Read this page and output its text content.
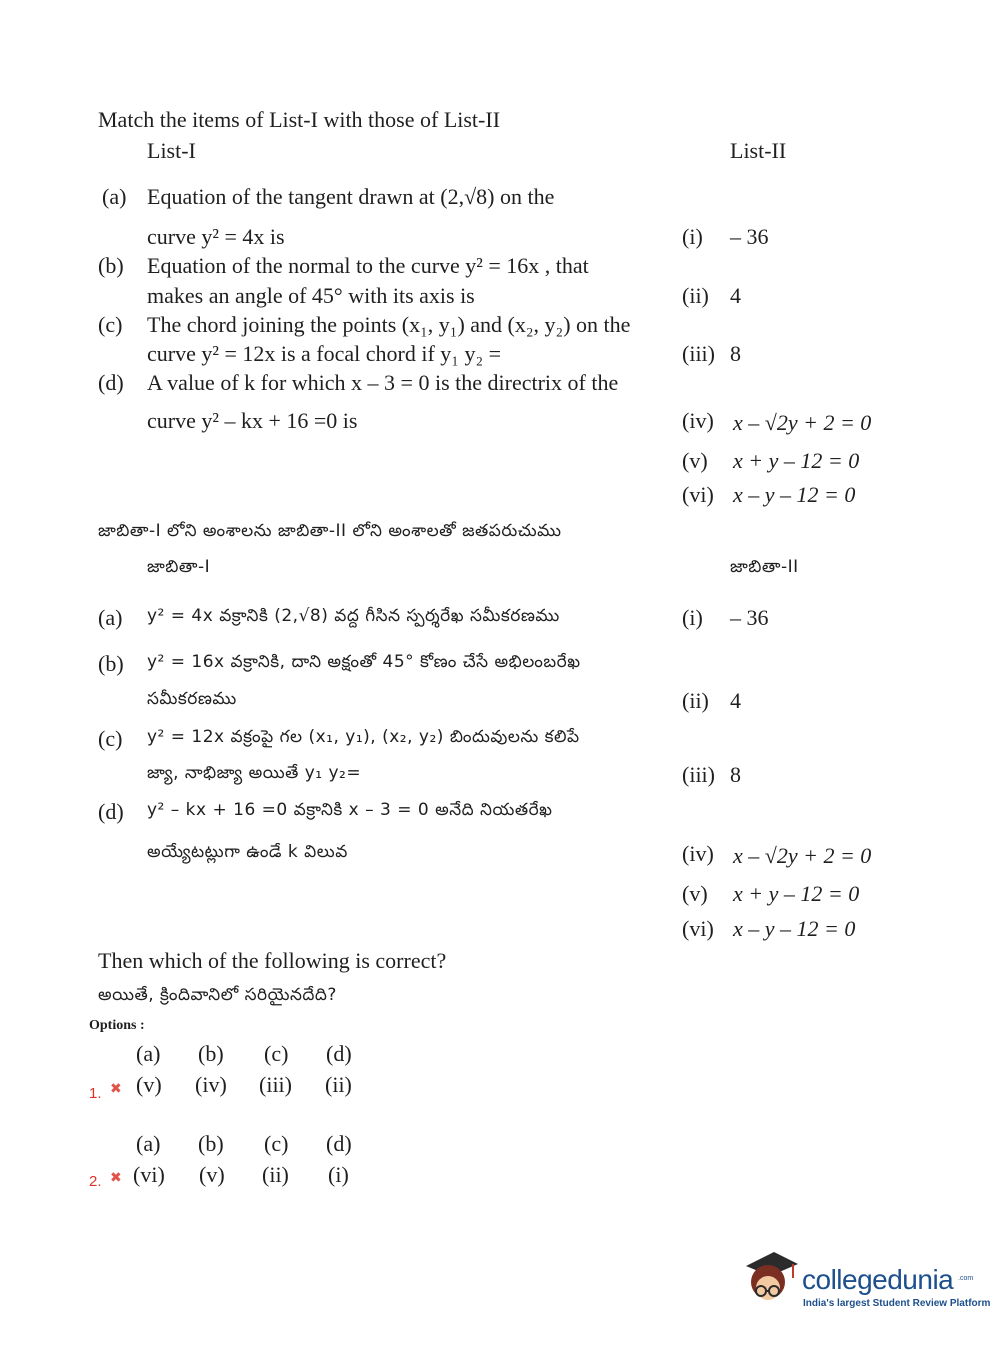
Match the items of List-I with those of List-II
List-I	List-II
(a) Equation of the tangent drawn at (2,√8) on the
curve y² = 4x is
(b) Equation of the normal to the curve y² = 16x , that
makes an angle of 45° with its axis is
(c) The chord joining the points (x₁, y₁) and (x₂, y₂) on the
curve y² = 12x is a focal chord if y₁ y₂ =
(d) A value of k for which x – 3 = 0 is the directrix of the
curve y² – kx + 16 =0 is
(i) – 36
(ii) 4
(iii) 8
(iv) x – √2y + 2 = 0
(v) x + y – 12 = 0
(vi) x – y – 12 = 0
జాబితా-I లోని అంశాలను జాబితా-II లోని అంశాలతో జతపరుచుము
జాబితా-I	జాబితా-II
(a) y² = 4x వక్రానికి (2,√8) వద్ద గీసిన స్పర్శరేఖ సమీకరణము
(b) y² = 16x వక్రానికి, దాని అక్షంతో 45° కోణం చేసే అభిలంబరేఖ
సమీకరణము
(c) y² = 12x వక్రంపై గల (x₁, y₁), (x₂, y₂) బిందువులను కలిపే
జ్యా, నాభిజ్యా అయితే y₁ y₂=
(d) y² – kx + 16 =0 వక్రానికి x – 3 = 0 అనేది నియతరేఖ
అయ్యేటట్లుగా ఉండే k విలువ
(i) – 36
(ii) 4
(iii) 8
(iv) x – √2y + 2 = 0
(v) x + y – 12 = 0
(vi) x – y – 12 = 0
Then which of the following is correct?
అయితే, క్రిందివానిలో సరియైనదేది?
Options :
(a) (b) (c) (d)
1. ✖ (v) (iv) (iii) (ii)
(a) (b) (c) (d)
2. ✖ (vi) (v) (ii) (i)
collegedunia .com
India's largest Student Review Platform
